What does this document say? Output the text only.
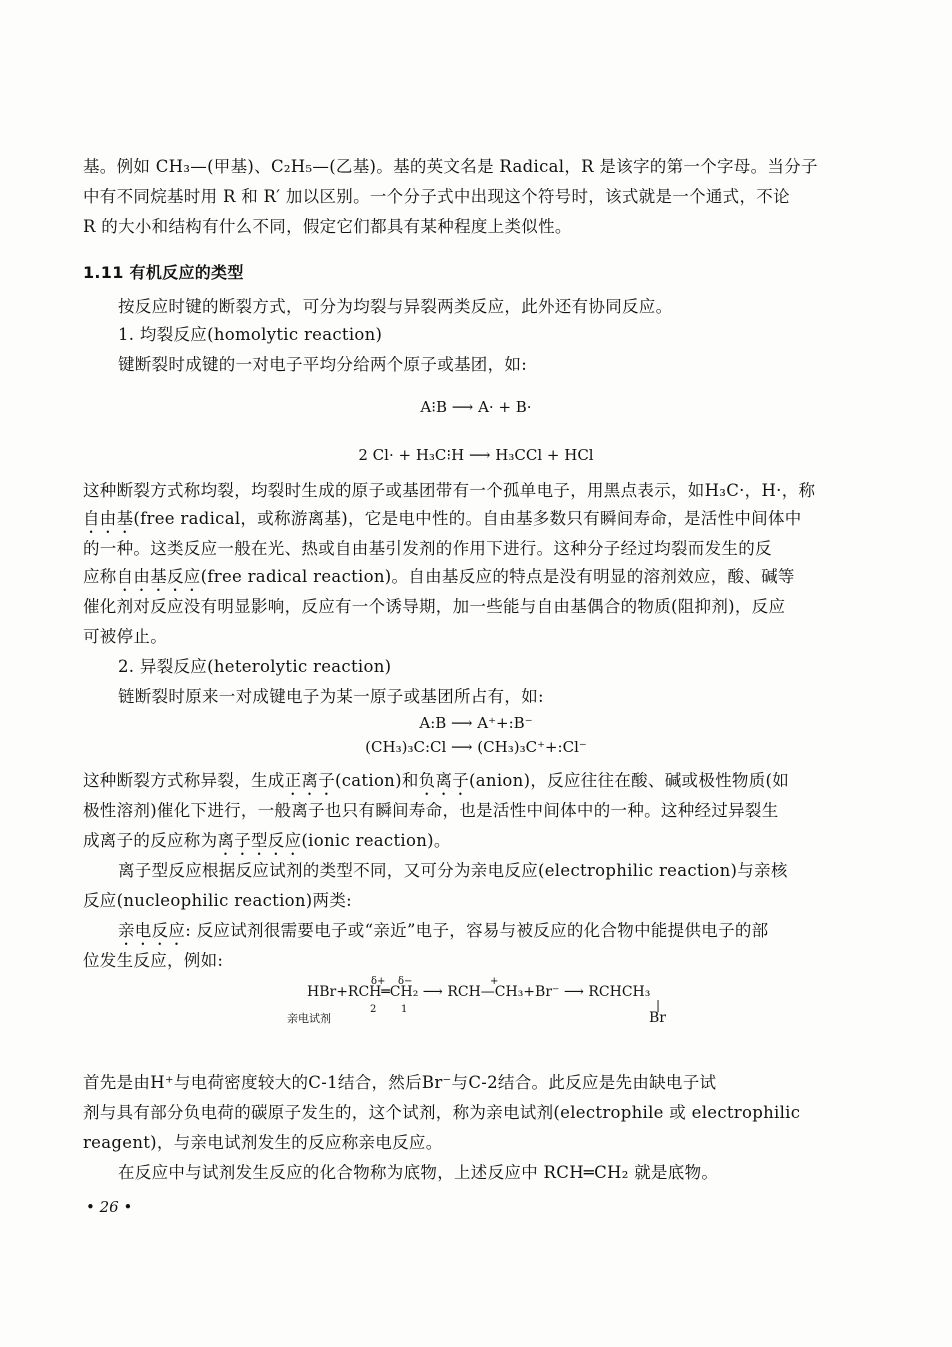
基。例如 CH₃—(甲基)、C₂H₅—(乙基)。基的英文名是 Radical，R 是该字的第一个字母。当分子
中有不同烷基时用 R 和 R′ 加以区别。一个分子式中出现这个符号时，该式就是一个通式，不论
R 的大小和结构有什么不同，假定它们都具有某种程度上类似性。
1.11 有机反应的类型
按反应时键的断裂方式，可分为均裂与异裂两类反应，此外还有协同反应。
1. 均裂反应(homolytic reaction)
键断裂时成键的一对电子平均分给两个原子或基团，如:
A⁝B ⟶ A· + B·
2 Cl· + H₃C⁝H ⟶ H₃CCl + HCl
这种断裂方式称均裂，均裂时生成的原子或基团带有一个孤单电子，用黑点表示，如H₃C·，H·，称
自由基(free radical，或称游离基)，它是电中性的。自由基多数只有瞬间寿命，是活性中间体中
的一种。这类反应一般在光、热或自由基引发剂的作用下进行。这种分子经过均裂而发生的反
应称自由基反应(free radical reaction)。自由基反应的特点是没有明显的溶剂效应，酸、碱等
催化剂对反应没有明显影响，反应有一个诱导期，加一些能与自由基偶合的物质(阻抑剂)，反应
可被停止。
2. 异裂反应(heterolytic reaction)
链断裂时原来一对成键电子为某一原子或基团所占有，如:
A:B ⟶ A⁺+:B⁻
(CH₃)₃C:Cl ⟶ (CH₃)₃C⁺+:Cl⁻
这种断裂方式称异裂，生成正离子(cation)和负离子(anion)，反应往往在酸、碱或极性物质(如
极性溶剂)催化下进行，一般离子也只有瞬间寿命，也是活性中间体中的一种。这种经过异裂生
成离子的反应称为离子型反应(ionic reaction)。
离子型反应根据反应试剂的类型不同，又可分为亲电反应(electrophilic reaction)与亲核
反应(nucleophilic reaction)两类:
亲电反应: 反应试剂很需要电子或“亲近”电子，容易与被反应的化合物中能提供电子的部
位发生反应，例如:
δ+ δ−	+
HBr+RCH═CH₂ ⟶ RCH—CH₃+Br⁻ ⟶ RCHCH₃
2 1	|
Br
亲电试剂
首先是由H⁺与电荷密度较大的C-1结合，然后Br⁻与C-2结合。此反应是先由缺电子试
剂与具有部分负电荷的碳原子发生的，这个试剂，称为亲电试剂(electrophile 或 electrophilic
reagent)，与亲电试剂发生的反应称亲电反应。
在反应中与试剂发生反应的化合物称为底物，上述反应中 RCH═CH₂ 就是底物。
• 26 •
